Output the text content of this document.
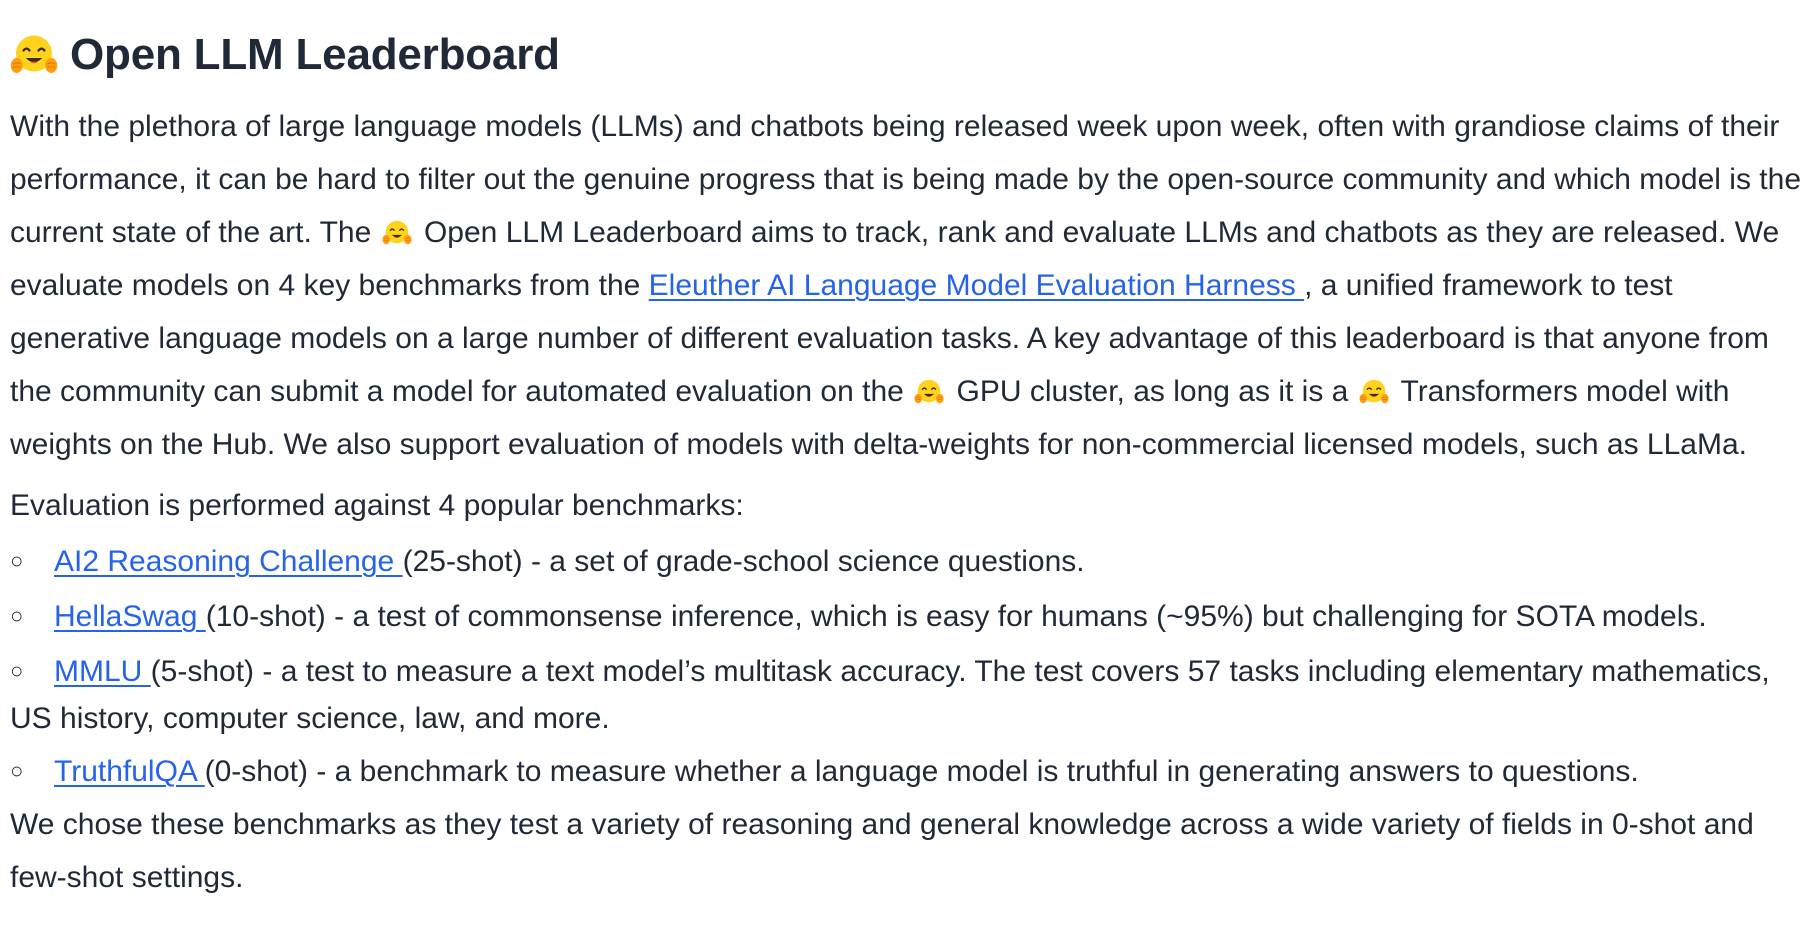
Open LLM Leaderboard

With the plethora of large language models (LLMs) and chatbots being released week upon week, often with grandiose claims of their performance, it can be hard to filter out the genuine progress that is being made by the open-source community and which model is the current state of the art. The
Open LLM Leaderboard aims to track, rank and evaluate LLMs and chatbots as they are released. We evaluate models on 4 key benchmarks from the Eleuther AI Language Model Evaluation Harness , a unified framework to test generative language models on a large number of different evaluation tasks. A key advantage of this leaderboard is that anyone from the community can submit a model for automated evaluation on the
GPU cluster, as long as it is a
Transformers model with weights on the Hub. We also support evaluation of models with delta-weights for non-commercial licensed models, such as LLaMa.

Evaluation is performed against 4 popular benchmarks:

○ AI2 Reasoning Challenge (25-shot) - a set of grade-school science questions.
○ HellaSwag (10-shot) - a test of commonsense inference, which is easy for humans (~95%) but challenging for SOTA models.
○ MMLU (5-shot) - a test to measure a text model’s multitask accuracy. The test covers 57 tasks including elementary mathematics, US history, computer science, law, and more.
○ TruthfulQA (0-shot) - a benchmark to measure whether a language model is truthful in generating answers to questions.

We chose these benchmarks as they test a variety of reasoning and general knowledge across a wide variety of fields in 0-shot and few-shot settings.
